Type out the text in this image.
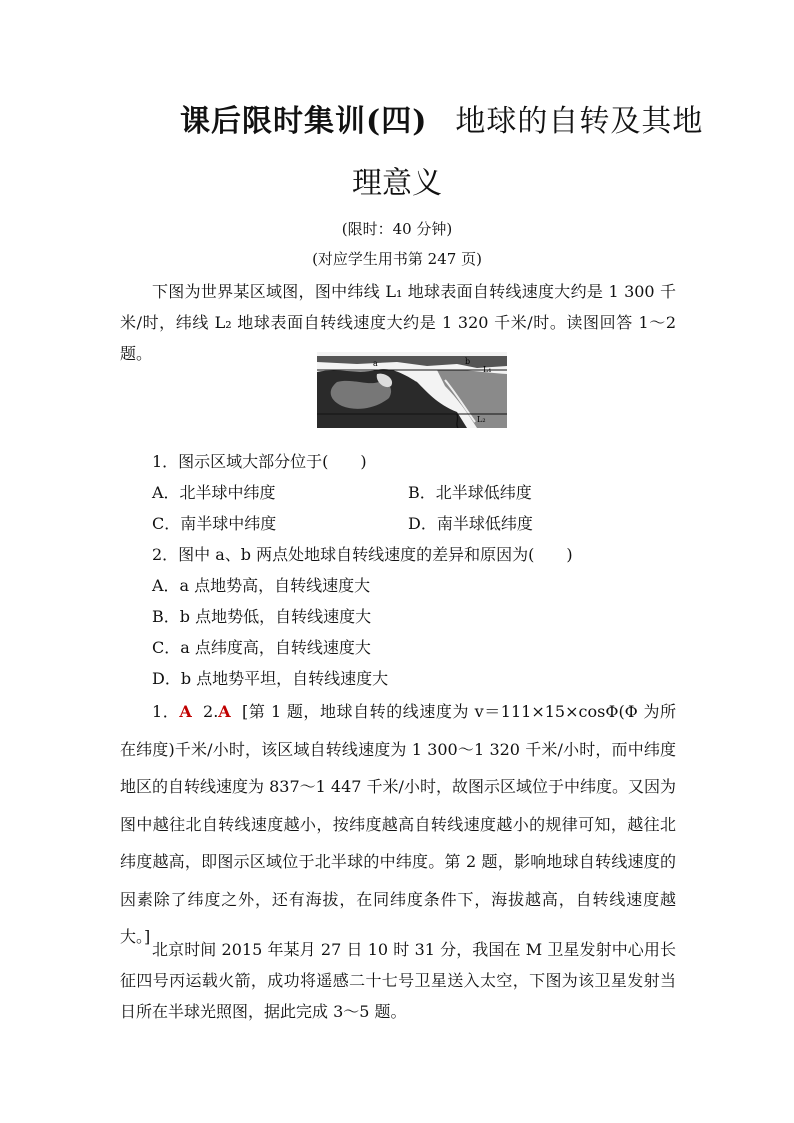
课后限时集训(四) 地球的自转及其地
理意义
(限时：40 分钟)
(对应学生用书第 247 页)
下图为世界某区域图，图中纬线 L₁ 地球表面自转线速度大约是 1 300 千米/时，纬线 L₂ 地球表面自转线速度大约是 1 320 千米/时。读图回答 1～2 题。
a	b
L₁
L₂
1．图示区域大部分位于(　　)
A．北半球中纬度	B．北半球低纬度
C．南半球中纬度	D．南半球低纬度
2．图中 a、b 两点处地球自转线速度的差异和原因为(　　)
A．a 点地势高，自转线速度大
B．b 点地势低，自转线速度大
C．a 点纬度高，自转线速度大
D．b 点地势平坦，自转线速度大
1．A 2.A [第 1 题，地球自转的线速度为 v＝111×15×cosΦ(Φ 为所在纬度)千米/小时，该区域自转线速度为 1 300～1 320 千米/小时，而中纬度地区的自转线速度为 837～1 447 千米/小时，故图示区域位于中纬度。又因为图中越往北自转线速度越小，按纬度越高自转线速度越小的规律可知，越往北纬度越高，即图示区域位于北半球的中纬度。第 2 题，影响地球自转线速度的因素除了纬度之外，还有海拔，在同纬度条件下，海拔越高，自转线速度越大。]
北京时间 2015 年某月 27 日 10 时 31 分，我国在 M 卫星发射中心用长征四号丙运载火箭，成功将遥感二十七号卫星送入太空，下图为该卫星发射当日所在半球光照图，据此完成 3～5 题。
